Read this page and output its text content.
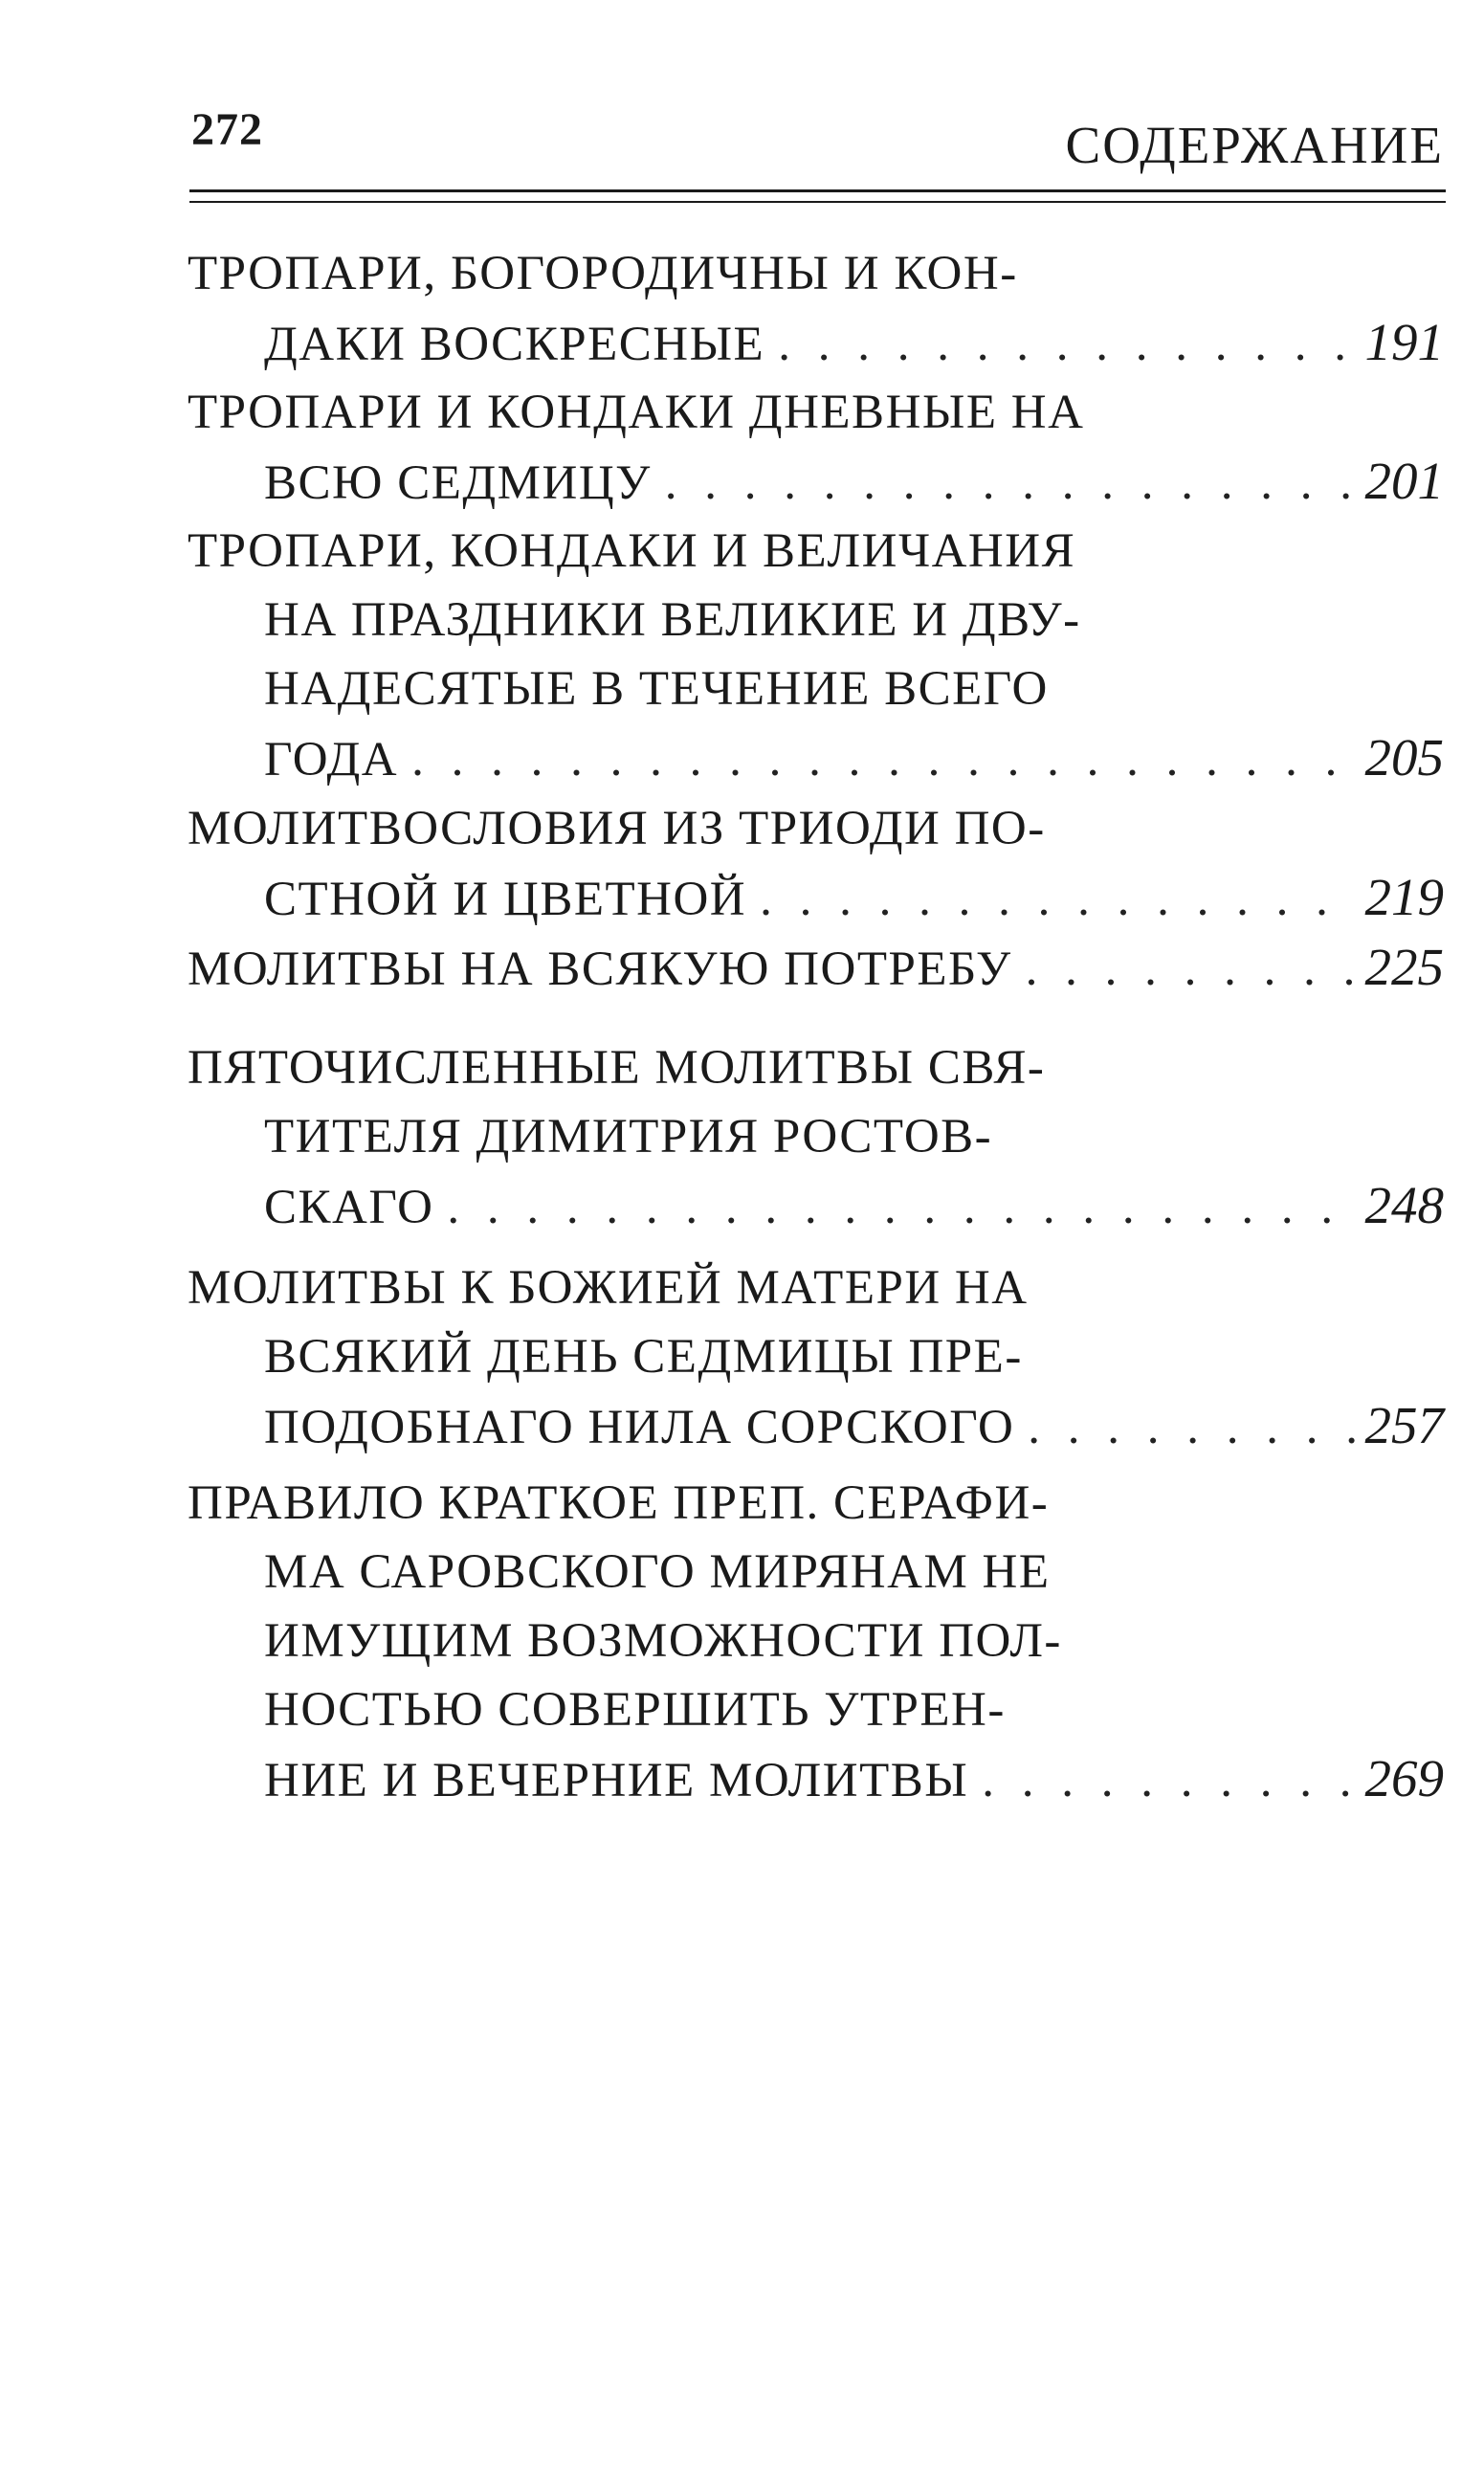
272	СОДЕРЖАНИЕ
ТРОПАРИ, БОГОРОДИЧНЫ И КОН-
ДАКИ ВОСКРЕСНЫЕ . . .	191
ТРОПАРИ И КОНДАКИ ДНЕВНЫЕ НА
ВСЮ СЕДМИЦУ . . .	201
ТРОПАРИ, КОНДАКИ И ВЕЛИЧАНИЯ
НА ПРАЗДНИКИ ВЕЛИКИЕ И ДВУ-
НАДЕСЯТЫЕ В ТЕЧЕНИЕ ВСЕГО
ГОДА . . .	205
МОЛИТВОСЛОВИЯ ИЗ ТРИОДИ ПО-
СТНОЙ И ЦВЕТНОЙ . . .	219
МОЛИТВЫ НА ВСЯКУЮ ПОТРЕБУ . . .	225
ПЯТОЧИСЛЕННЫЕ МОЛИТВЫ СВЯ-
ТИТЕЛЯ ДИМИТРИЯ РОСТОВ-
СКАГО . . .	248
МОЛИТВЫ К БОЖИЕЙ МАТЕРИ НА
ВСЯКИЙ ДЕНЬ СЕДМИЦЫ ПРЕ-
ПОДОБНАГО НИЛА СОРСКОГО . . .	257
ПРАВИЛО КРАТКОЕ ПРЕП. СЕРАФИ-
МА САРОВСКОГО МИРЯНАМ НЕ
ИМУЩИМ ВОЗМОЖНОСТИ ПОЛ-
НОСТЬЮ СОВЕРШИТЬ УТРЕН-
НИЕ И ВЕЧЕРНИЕ МОЛИТВЫ . . .	269
